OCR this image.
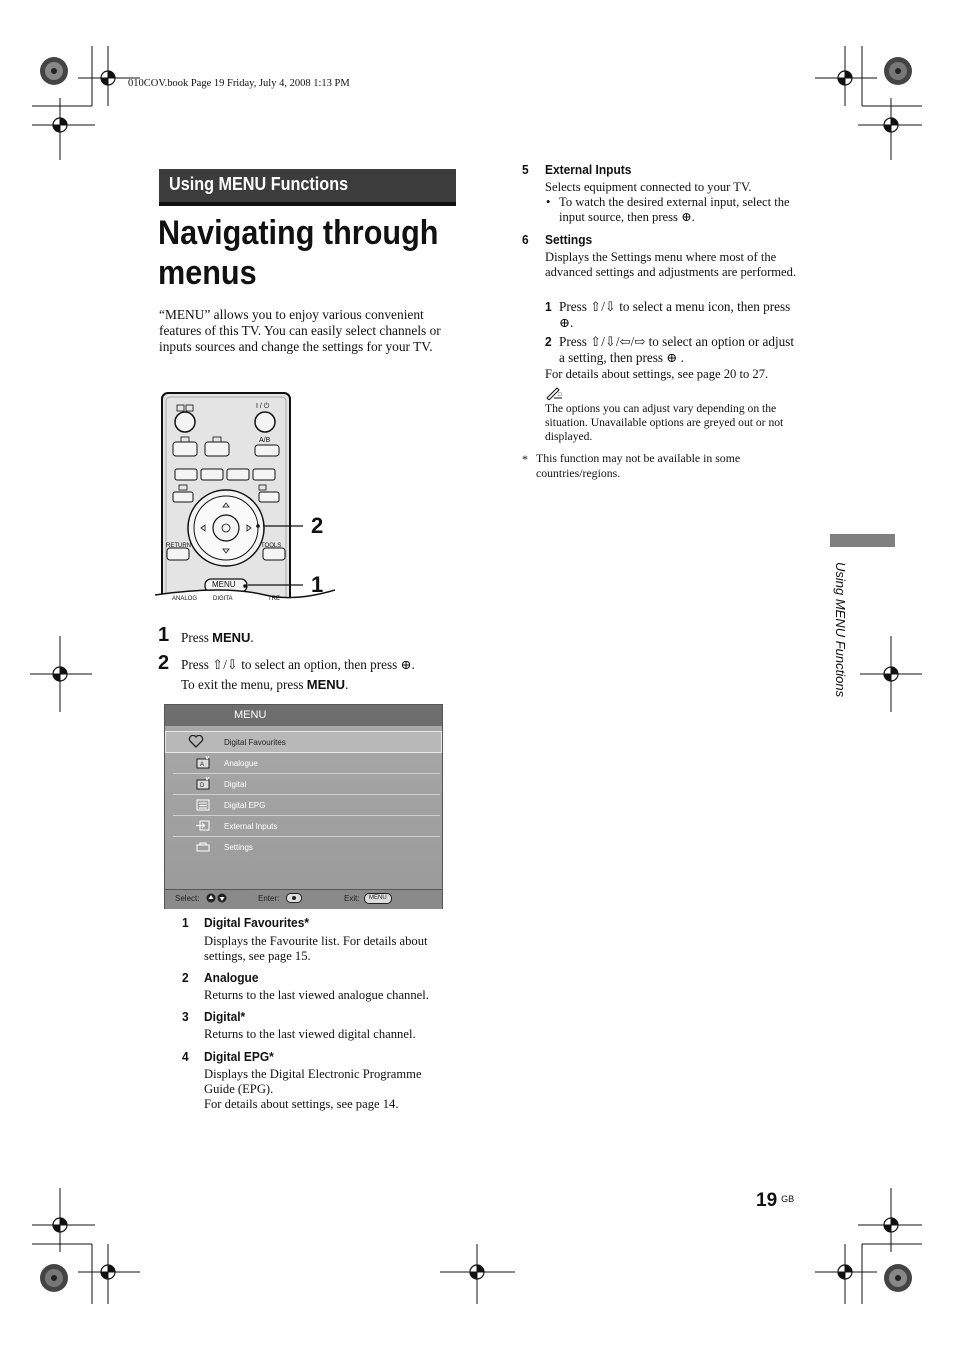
010COV.book Page 19 Friday, July 4, 2008 1:13 PM
Using MENU Functions
Navigating through menus
“MENU” allows you to enjoy various convenient features of this TV. You can easily select channels or inputs sources and change the settings for your TV.
I / ⏻
A/B
RETURN	TOOLS
MENU
ANALOG	DIGITA	TRE
2
1
1 Press MENU.
2 Press ⇧/⇩ to select an option, then press ⊕.
To exit the menu, press MENU.
MENU
Digital Favourites
A Analogue
D Digital
Digital EPG
External Inputs
Settings
Select:	Enter:	Exit:	MENU
1 Digital Favourites*
Displays the Favourite list. For details about settings, see page 15.
2 Analogue
Returns to the last viewed analogue channel.
3 Digital*
Returns to the last viewed digital channel.
4 Digital EPG*
Displays the Digital Electronic Programme Guide (EPG).
For details about settings, see page 14.
5 External Inputs
Selects equipment connected to your TV.
• To watch the desired external input, select the input source, then press ⊕.
6 Settings
Displays the Settings menu where most of the advanced settings and adjustments are performed.
1 Press ⇧/⇩ to select a menu icon, then press ⊕.
2 Press ⇧/⇩/⇦/⇨ to select an option or adjust a setting, then press ⊕ .
For details about settings, see page 20 to 27.
□
The options you can adjust vary depending on the situation. Unavailable options are greyed out or not displayed.
* This function may not be available in some countries/regions.
Using MENU Functions
19 $^{GB}$
